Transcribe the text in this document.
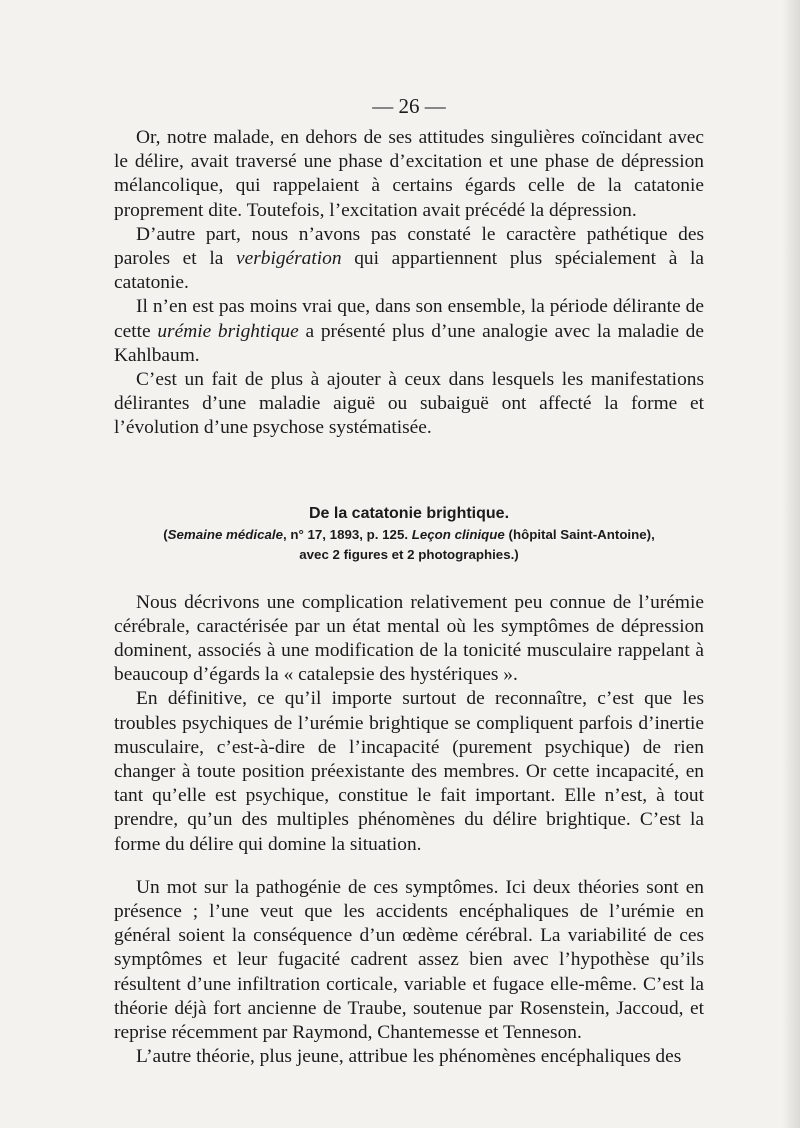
— 26 —

Or, notre malade, en dehors de ses attitudes singulières coïncidant avec le délire, avait traversé une phase d’excitation et une phase de dépression mélancolique, qui rappelaient à certains égards celle de la catatonie proprement dite. Toutefois, l’excitation avait précédé la dépression.

D’autre part, nous n’avons pas constaté le caractère pathétique des paroles et la verbigération qui appartiennent plus spécialement à la catatonie.

Il n’en est pas moins vrai que, dans son ensemble, la période délirante de cette urémie brightique a présenté plus d’une analogie avec la maladie de Kahlbaum.

C’est un fait de plus à ajouter à ceux dans lesquels les manifestations délirantes d’une maladie aiguë ou subaiguë ont affecté la forme et l’évolution d’une psychose systématisée.

De la catatonie brightique.
(Semaine médicale, n° 17, 1893, p. 125. Leçon clinique (hôpital Saint-Antoine),
avec 2 figures et 2 photographies.)

Nous décrivons une complication relativement peu connue de l’urémie cérébrale, caractérisée par un état mental où les symptômes de dépression dominent, associés à une modification de la tonicité musculaire rappelant à beaucoup d’égards la « catalepsie des hystériques ».

En définitive, ce qu’il importe surtout de reconnaître, c’est que les troubles psychiques de l’urémie brightique se compliquent parfois d’inertie musculaire, c’est-à-dire de l’incapacité (purement psychique) de rien changer à toute position préexistante des membres. Or cette incapacité, en tant qu’elle est psychique, constitue le fait important. Elle n’est, à tout prendre, qu’un des multiples phénomènes du délire brightique. C’est la forme du délire qui domine la situation.

Un mot sur la pathogénie de ces symptômes. Ici deux théories sont en présence ; l’une veut que les accidents encéphaliques de l’urémie en général soient la conséquence d’un œdème cérébral. La variabilité de ces symptômes et leur fugacité cadrent assez bien avec l’hypothèse qu’ils résultent d’une infiltration corticale, variable et fugace elle-même. C’est la théorie déjà fort ancienne de Traube, soutenue par Rosenstein, Jaccoud, et reprise récemment par Raymond, Chantemesse et Tenneson.

L’autre théorie, plus jeune, attribue les phénomènes encéphaliques des
